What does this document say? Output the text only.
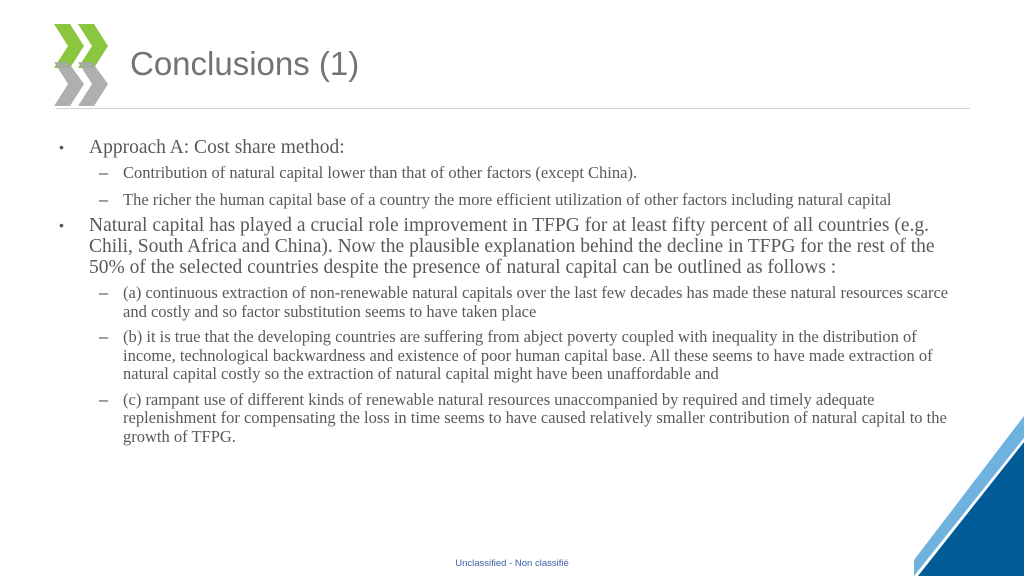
Conclusions (1)
• Approach A: Cost share method:
– Contribution of natural capital lower than that of other factors (except China).
– The richer the human capital base of a country the more efficient utilization of other factors including natural capital
• Natural capital has played a crucial role improvement in TFPG for at least fifty percent of all countries (e.g. Chili, South Africa and China). Now the plausible explanation behind the decline in TFPG for the rest of the 50% of the selected countries despite the presence of natural capital can be outlined as follows :
– (a) continuous extraction of non-renewable natural capitals over the last few decades has made these natural resources scarce and costly and so factor substitution seems to have taken place
– (b) it is true that the developing countries are suffering from abject poverty coupled with inequality in the distribution of income, technological backwardness and existence of poor human capital base. All these seems to have made extraction of natural capital costly so the extraction of natural capital might have been unaffordable and
– (c) rampant use of different kinds of renewable natural resources unaccompanied by required and timely adequate replenishment for compensating the loss in time seems to have caused relatively smaller contribution of natural capital to the growth of TFPG.
Unclassified - Non classifié
